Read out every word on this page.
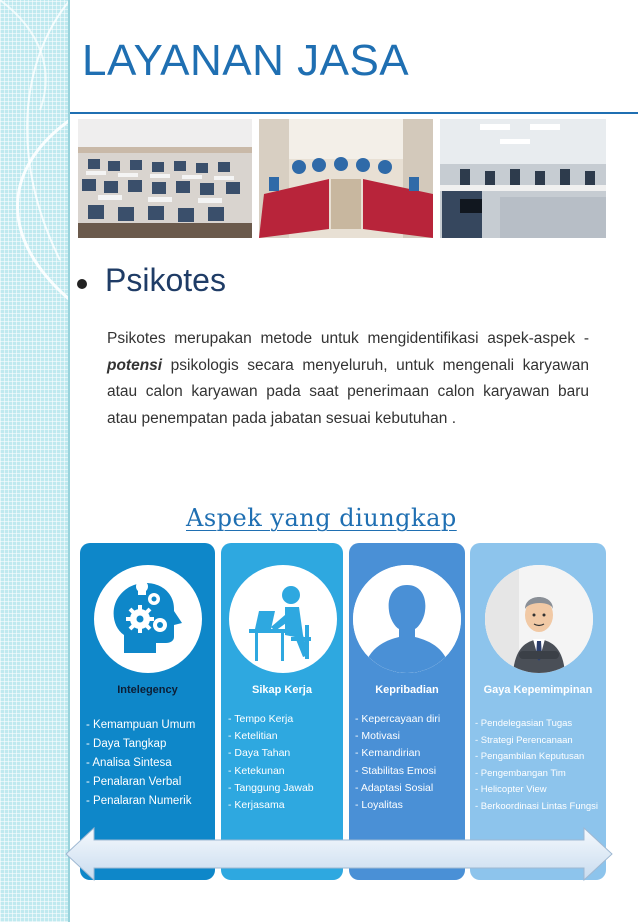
LAYANAN JASA
Psikotes
Psikotes merupakan metode untuk mengidentifikasi aspek-aspek -potensi psikologis secara menyeluruh, untuk mengenali karyawan atau calon karyawan pada saat penerimaan calon karyawan baru atau penempatan pada jabatan sesuai kebutuhan .
Aspek yang diungkap
Intelegency	Sikap Kerja	Kepribadian	Gaya Kepemimpinan
- Kemampuan Umum
- Daya Tangkap
- Analisa Sintesa
- Penalaran Verbal
- Penalaran Numerik
- Tempo Kerja
- Ketelitian
- Daya Tahan
- Ketekunan
- Tanggung Jawab
- Kerjasama
- Kepercayaan diri
- Motivasi
- Kemandirian
- Stabilitas Emosi
- Adaptasi Sosial
- Loyalitas
- Pendelegasian Tugas
- Strategi Perencanaan
- Pengambilan Keputusan
- Pengembangan Tim
- Helicopter View
- Berkoordinasi Lintas Fungsi
